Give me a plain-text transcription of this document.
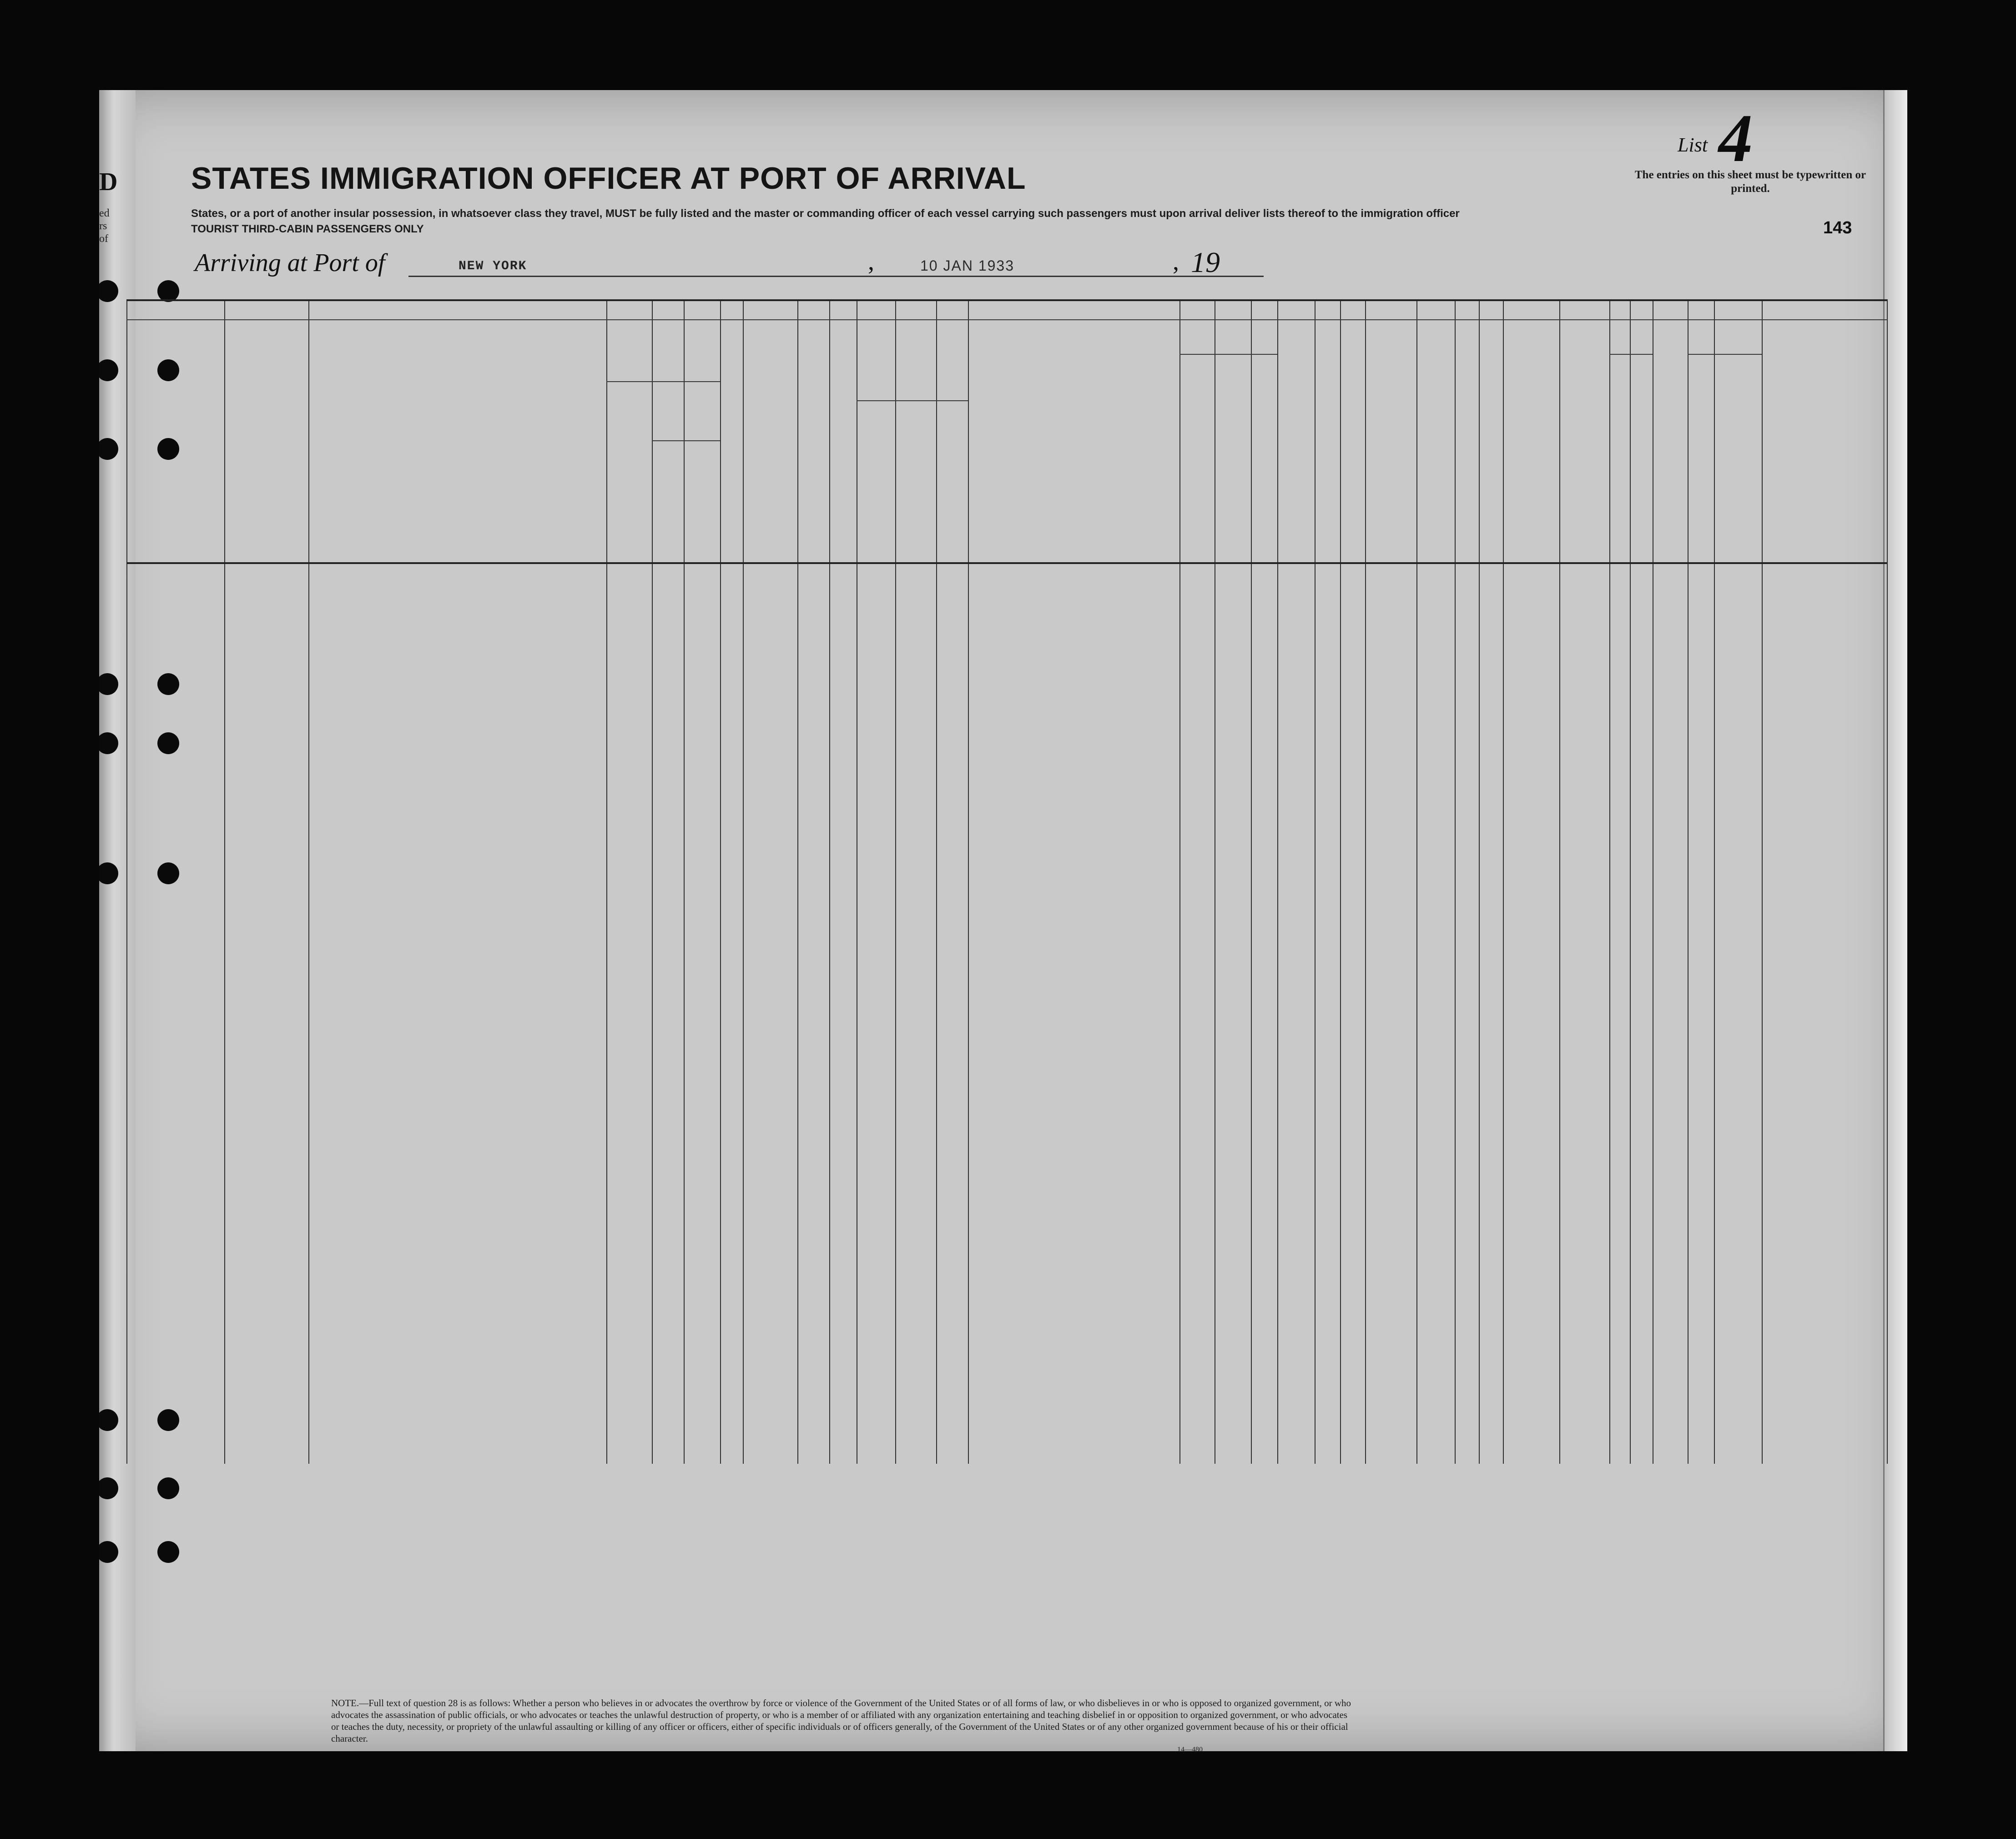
D
ed
rs
of
STATES IMMIGRATION OFFICER AT PORT OF ARRIVAL
States, or a port of another insular possession, in whatsoever class they travel, MUST be fully listed and the master or commanding officer of each vessel carrying such passengers must upon arrival deliver lists thereof to the immigration officer
TOURIST THIRD-CABIN PASSENGERS ONLY
List 4
The entries on this sheet must be typewritten or printed.
143
Arriving at Port of	NEW YORK	,	10 JAN 1933	, 19
NOTE.—Full text of question 28 is as follows: Whether a person who believes in or advocates the overthrow by force or violence of the Government of the United States or of all forms of law, or who disbelieves in or who is opposed to organized government, or who advocates the assassination of public officials, or who advocates or teaches the unlawful destruction of property, or who is a member of or affiliated with any organization entertaining and teaching disbelief in or opposition to organized government, or who advocates or teaches the duty, necessity, or propriety of the unlawful assaulting or killing of any officer or officers, either of specific individuals or of officers generally, of the Government of the United States or of any other organized government because of his or their official character.
14—480
